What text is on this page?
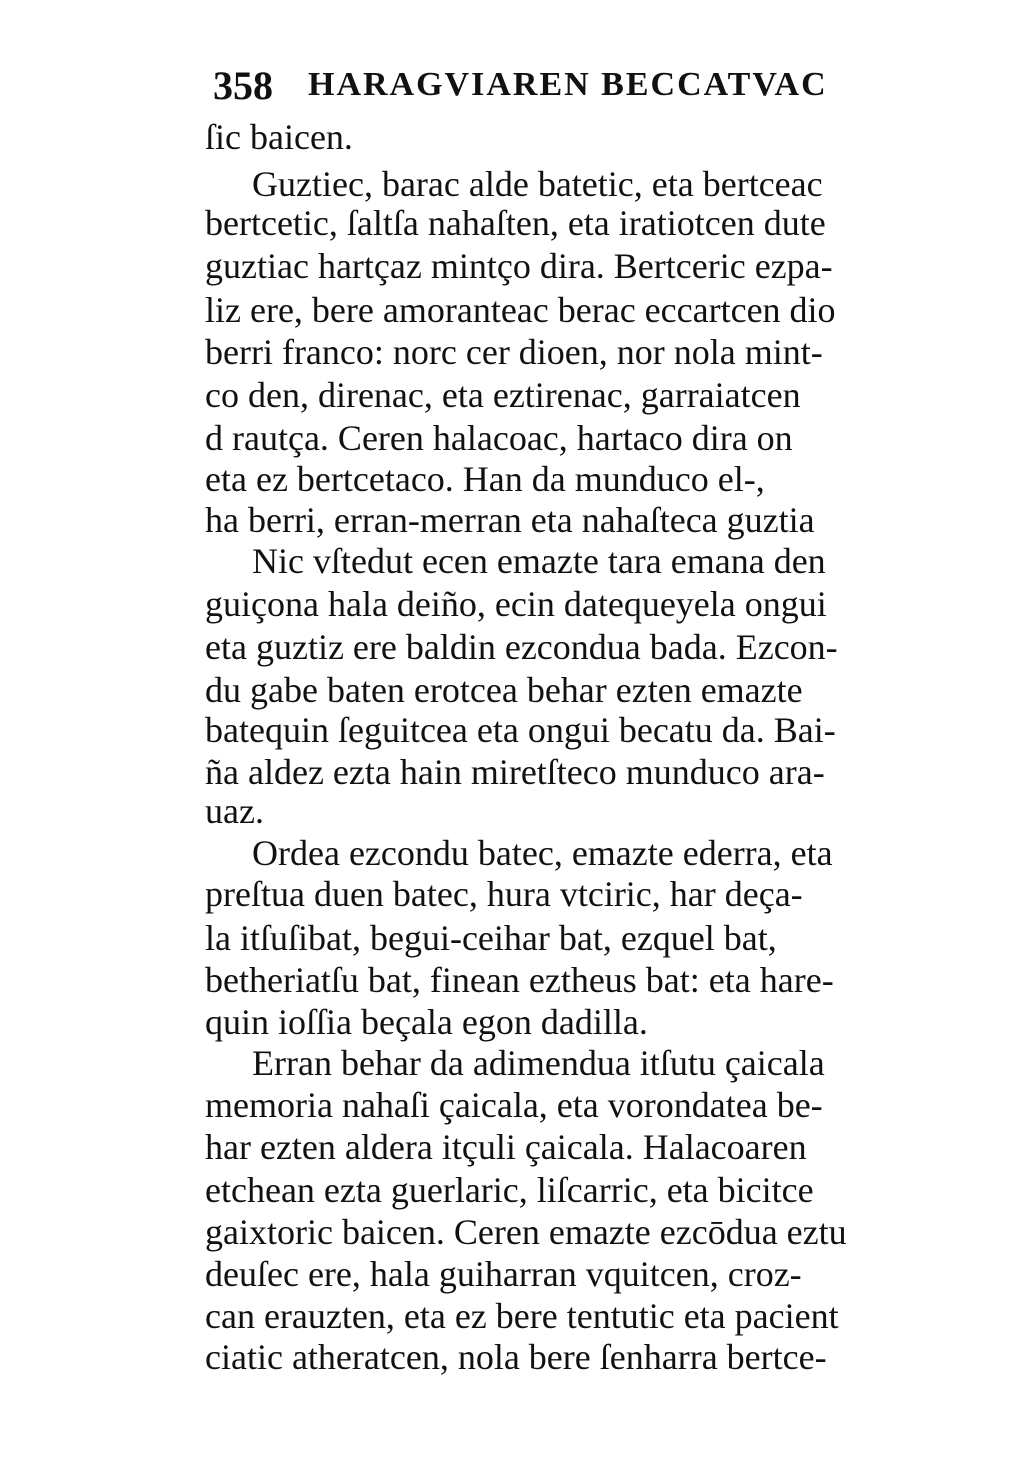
358 HARAGVIAREN BECCATVAC
ſic baicen.
Guztiec, barac alde batetic, eta bertceac
bertcetic, ſaltſa nahaſten, eta iratiotcen dute
guztiac hartçaz mintço dira. Bertceric ezpa-
liz ere, bere amoranteac berac eccartcen dio
berri franco: norc cer dioen, nor nola mint-
co den, direnac, eta eztirenac, garraiatcen
d rautça. Ceren halacoac, hartaco dira on
eta ez bertcetaco. Han da munduco el-,
ha berri, erran-merran eta nahaſteca guztia
Nic vſtedut ecen emazte tara emana den
guiçona hala deiño, ecin datequeyela ongui
eta guztiz ere baldin ezcondua bada. Ezcon-
du gabe baten erotcea behar ezten emazte
batequin ſeguitcea eta ongui becatu da. Bai-
ña aldez ezta hain miretſteco munduco ara-
uaz.
Ordea ezcondu batec, emazte ederra, eta
preſtua duen batec, hura vtciric, har deça-
la itſuſibat, begui-ceihar bat, ezquel bat,
betheriatſu bat, finean eztheus bat: eta hare-
quin ioſſia beçala egon dadilla.
Erran behar da adimendua itſutu çaicala
memoria nahaſi çaicala, eta vorondatea be-
har ezten aldera itçuli çaicala. Halacoaren
etchean ezta guerlaric, liſcarric, eta bicitce
gaixtoric baicen. Ceren emazte ezcōdua eztu
deuſec ere, hala guiharran vquitcen, croz-
can erauzten, eta ez bere tentutic eta pacient
ciatic atheratcen, nola bere ſenharra bertce-
